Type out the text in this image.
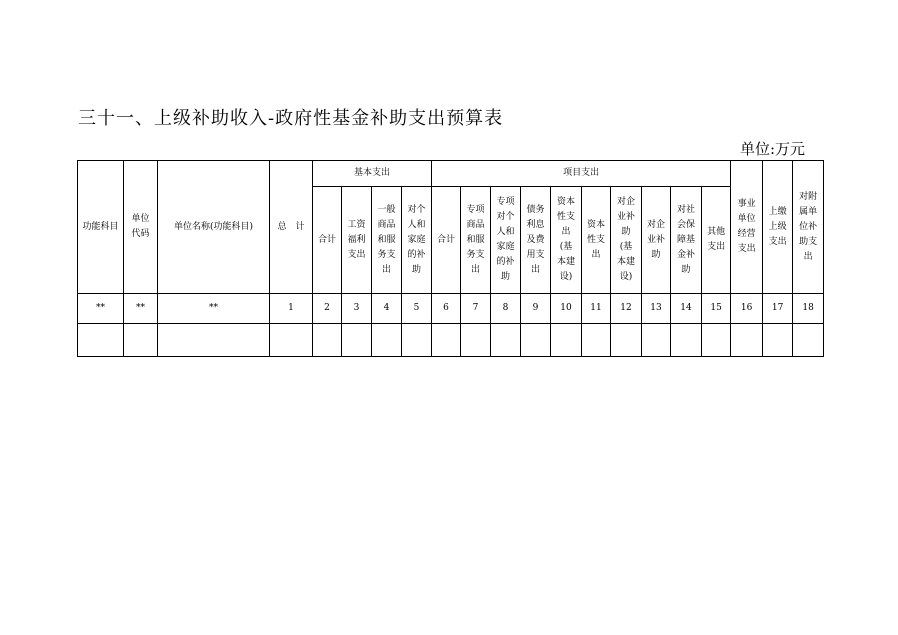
三十一、上级补助收入-政府性基金补助支出预算表
单位:万元
功能科目	单位代码	单位名称(功能科目)	总　计	基本支出				项目支出										事业单位经营支出	上缴上级支出	对附属单位补助支出
				合计	工资福利支出	一般商品和服务支出	对个人和家庭的补助	合计	专项商品和服务支出	专项对个人和家庭的补助	债务利息及费用支出	资本性支出(基本建设)	资本性支出	对企业补助(基本建设)	对企业补助	对社会保障基金补助	其他支出			
**	**	**	1	2	3	4	5	6	7	8	9	10	11	12	13	14	15	16	17	18
